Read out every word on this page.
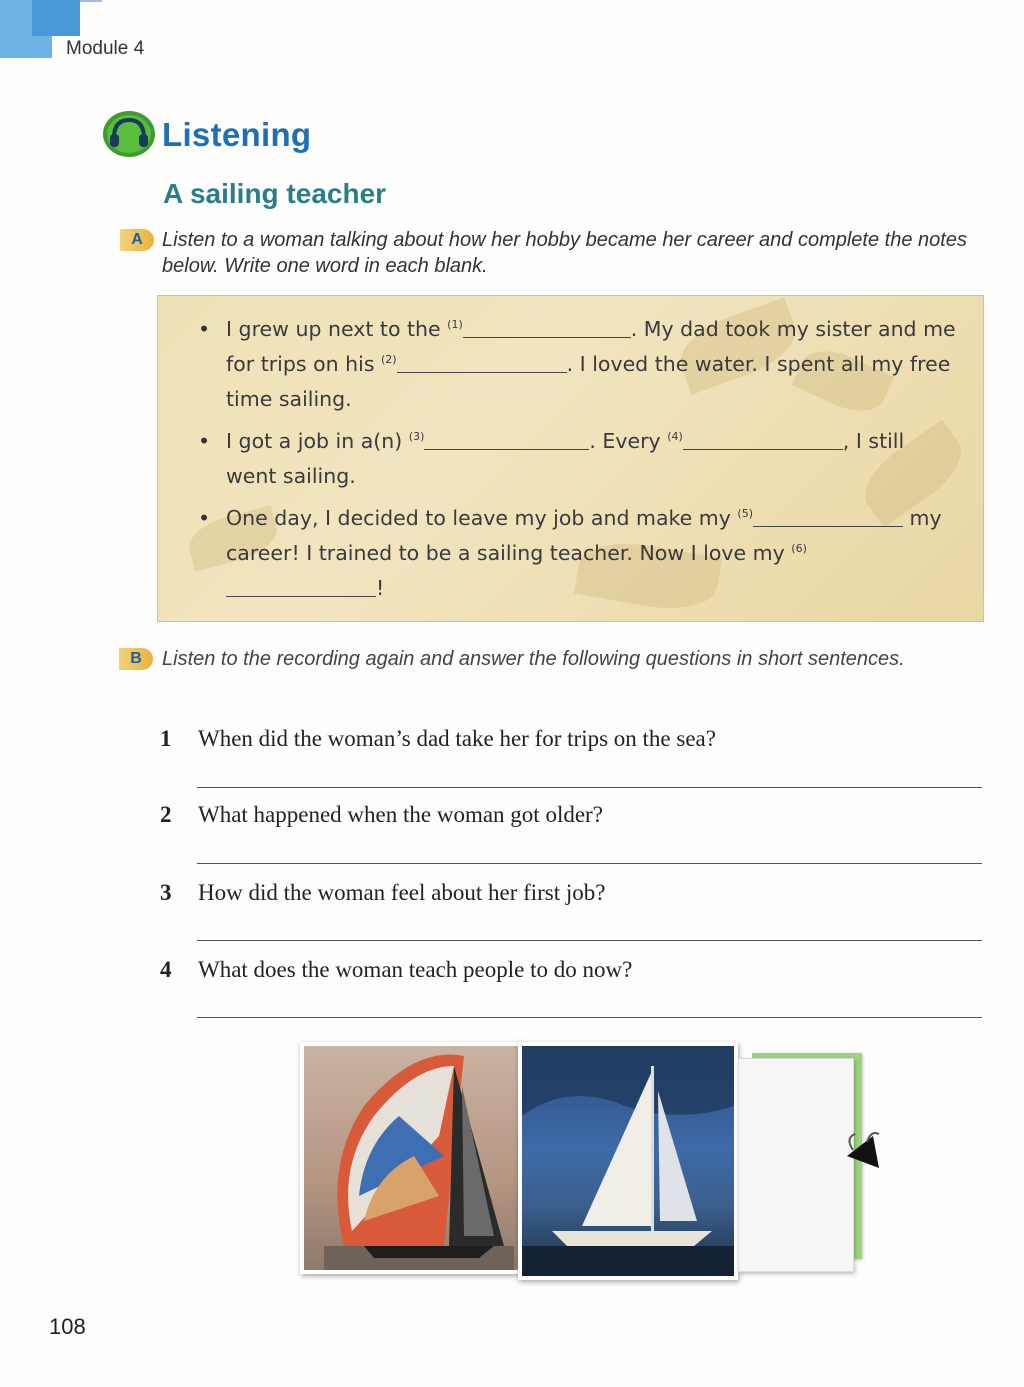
Module 4
Listening
A sailing teacher
A Listen to a woman talking about how her hobby became her career and complete the notes below. Write one word in each blank.
• I grew up next to the $^{(1)}$	. My dad took my sister and me for trips on his $^{(2)}$	. I loved the water. I spent all my free time sailing.
• I got a job in a(n) $^{(3)}$	. Every $^{(4)}$	, I still went sailing.
• One day, I decided to leave my job and make my $^{(5)}$	my career! I trained to be a sailing teacher. Now I love my $^{(6)}$!
B	Listen to the recording again and answer the following questions in short sentences.
1 When did the woman’s dad take her for trips on the sea?
2 What happened when the woman got older?
3 How did the woman feel about her first job?
4 What does the woman teach people to do now?
108
